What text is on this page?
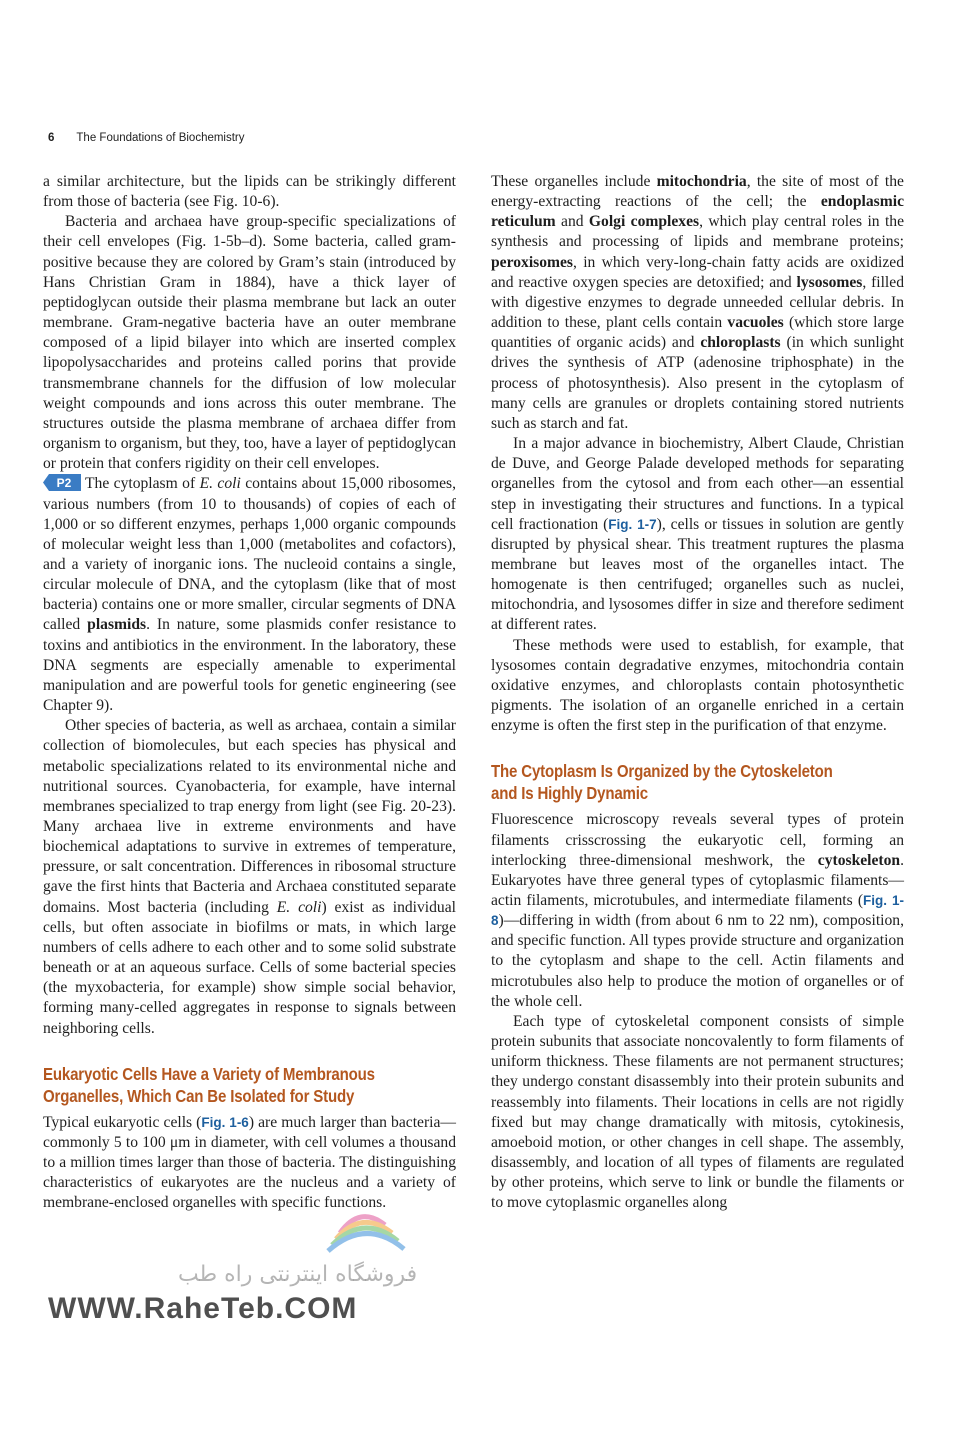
6 The Foundations of Biochemistry

a similar architecture, but the lipids can be strikingly different from those of bacteria (see Fig. 10-6).

Bacteria and archaea have group-specific specializations of their cell envelopes (Fig. 1-5b–d). Some bacteria, called gram-positive because they are colored by Gram’s stain (introduced by Hans Christian Gram in 1884), have a thick layer of peptidoglycan outside their plasma membrane but lack an outer membrane. Gram-negative bacteria have an outer membrane composed of a lipid bilayer into which are inserted complex lipopolysaccharides and proteins called porins that provide transmembrane channels for the diffusion of low molecular weight compounds and ions across this outer membrane. The structures outside the plasma membrane of archaea differ from organism to organism, but they, too, have a layer of peptidoglycan or protein that confers rigidity on their cell envelopes.

P2 The cytoplasm of E. coli contains about 15,000 ribosomes, various numbers (from 10 to thousands) of copies of each of 1,000 or so different enzymes, perhaps 1,000 organic compounds of molecular weight less than 1,000 (metabolites and cofactors), and a variety of inorganic ions. The nucleoid contains a single, circular molecule of DNA, and the cytoplasm (like that of most bacteria) contains one or more smaller, circular segments of DNA called plasmids. In nature, some plasmids confer resistance to toxins and antibiotics in the environment. In the laboratory, these DNA segments are especially amenable to experimental manipulation and are powerful tools for genetic engineering (see Chapter 9).

Other species of bacteria, as well as archaea, contain a similar collection of biomolecules, but each species has physical and metabolic specializations related to its environmental niche and nutritional sources. Cyanobacteria, for example, have internal membranes specialized to trap energy from light (see Fig. 20-23). Many archaea live in extreme environments and have biochemical adaptations to survive in extremes of temperature, pressure, or salt concentration. Differences in ribosomal structure gave the first hints that Bacteria and Archaea constituted separate domains. Most bacteria (including E. coli) exist as individual cells, but often associate in biofilms or mats, in which large numbers of cells adhere to each other and to some solid substrate beneath or at an aqueous surface. Cells of some bacterial species (the myxobacteria, for example) show simple social behavior, forming many-celled aggregates in response to signals between neighboring cells.

Eukaryotic Cells Have a Variety of Membranous
Organelles, Which Can Be Isolated for Study

Typical eukaryotic cells (Fig. 1-6) are much larger than bacteria—commonly 5 to 100 μm in diameter, with cell volumes a thousand to a million times larger than those of bacteria. The distinguishing characteristics of eukaryotes are the nucleus and a variety of membrane-enclosed organelles with specific functions.

These organelles include mitochondria, the site of most of the energy-extracting reactions of the cell; the endoplasmic reticulum and Golgi complexes, which play central roles in the synthesis and processing of lipids and membrane proteins; peroxisomes, in which very-long-chain fatty acids are oxidized and reactive oxygen species are detoxified; and lysosomes, filled with digestive enzymes to degrade unneeded cellular debris. In addition to these, plant cells contain vacuoles (which store large quantities of organic acids) and chloroplasts (in which sunlight drives the synthesis of ATP (adenosine triphosphate) in the process of photosynthesis). Also present in the cytoplasm of many cells are granules or droplets containing stored nutrients such as starch and fat.

In a major advance in biochemistry, Albert Claude, Christian de Duve, and George Palade developed methods for separating organelles from the cytosol and from each other—an essential step in investigating their structures and functions. In a typical cell fractionation (Fig. 1-7), cells or tissues in solution are gently disrupted by physical shear. This treatment ruptures the plasma membrane but leaves most of the organelles intact. The homogenate is then centrifuged; organelles such as nuclei, mitochondria, and lysosomes differ in size and therefore sediment at different rates.

These methods were used to establish, for example, that lysosomes contain degradative enzymes, mitochondria contain oxidative enzymes, and chloroplasts contain photosynthetic pigments. The isolation of an organelle enriched in a certain enzyme is often the first step in the purification of that enzyme.

The Cytoplasm Is Organized by the Cytoskeleton
and Is Highly Dynamic

Fluorescence microscopy reveals several types of protein filaments crisscrossing the eukaryotic cell, forming an interlocking three-dimensional meshwork, the cytoskeleton. Eukaryotes have three general types of cytoplasmic filaments—actin filaments, microtubules, and intermediate filaments (Fig. 1-8)—differing in width (from about 6 nm to 22 nm), composition, and specific function. All types provide structure and organization to the cytoplasm and shape to the cell. Actin filaments and microtubules also help to produce the motion of organelles or of the whole cell.

Each type of cytoskeletal component consists of simple protein subunits that associate noncovalently to form filaments of uniform thickness. These filaments are not permanent structures; they undergo constant disassembly into their protein subunits and reassembly into filaments. Their locations in cells are not rigidly fixed but may change dramatically with mitosis, cytokinesis, amoeboid motion, or other changes in cell shape. The assembly, disassembly, and location of all types of filaments are regulated by other proteins, which serve to link or bundle the filaments or to move cytoplasmic organelles along

فروشگاه اینترنتی راه طب
WWW.RaheTeb.COM
